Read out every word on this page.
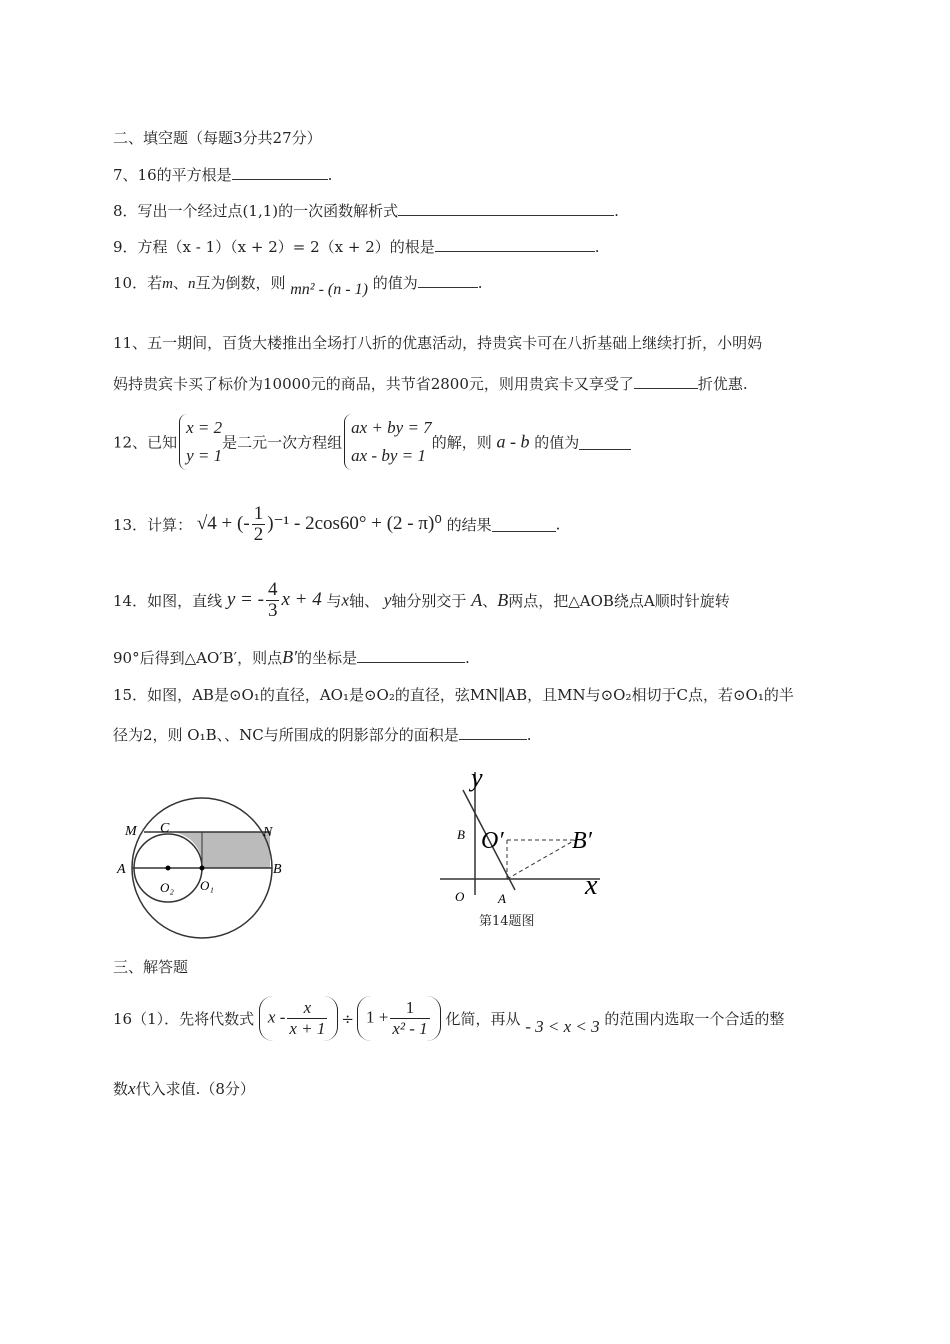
二、填空题（每题3分共27分）
7、16的平方根是	.
8．写出一个经过点(1,1)的一次函数解析式	.
9．方程（x - 1）（x + 2）= 2（x + 2）的根是	.
10．若m、n互为倒数，则 mn² - (n - 1) 的值为	.
11、五一期间，百货大楼推出全场打八折的优惠活动，持贵宾卡可在八折基础上继续打折，小明妈
妈持贵宾卡买了标价为10000元的商品，共节省2800元，则用贵宾卡又享受了	折优惠.
12、已知
x = 2
y = 1
是二元一次方程组
ax + by = 7
ax - by = 1
的解，则 a - b 的值为
13．计算： √4 + (- $\frac{1}{2} )^{-1} - 2\cos 60^\circ + (2 - \pi)^0$ 的结果	.
14．如图，直线 y = - $\frac{4}{3}$ x + 4 与x轴、 y轴分别交于 A、B两点，把△AOB绕点A顺时针旋转
90°后得到△AO′B′，则点B′的坐标是	.
15．如图，AB是⊙O₁的直径，AO₁是⊙O₂的直径，弦MN∥AB，且MN与⊙O₂相切于C点，若⊙O₁的半
径为2，则 O₁B、、NC与所围成的阴影部分的面积是	.
M C	N
A	B
O₂ O₁
y
x
B O′	B′
O	A
第14题图
三、解答题
16（1）．先将代数式 $x - \frac{x}{x + 1} \div 1 + \frac{1}{\text{x² - 1}}$ 化简，再从 - 3 < x < 3 的范围内选取一个合适的整
数x代入求值.（8分）
